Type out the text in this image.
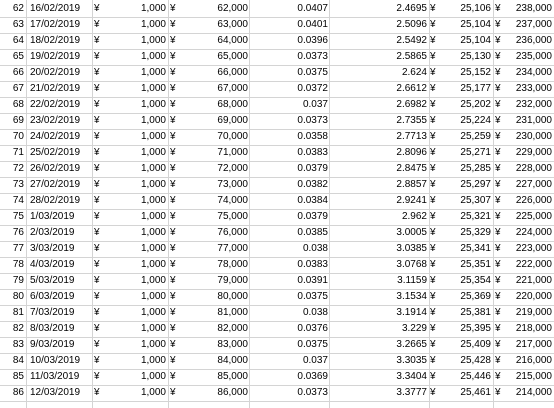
62 16/02/2019	¥	1,000 ¥	62,000	0.0407	2.4695 ¥	25,106 ¥	238,000
63 17/02/2019	¥	1,000 ¥	63,000	0.0401	2.5096 ¥	25,104 ¥	237,000
64 18/02/2019	¥	1,000 ¥	64,000	0.0396	2.5492 ¥	25,104 ¥	236,000
65 19/02/2019	¥	1,000 ¥	65,000	0.0373	2.5865 ¥	25,130 ¥	235,000
66 20/02/2019	¥	1,000 ¥	66,000	0.0375	2.624 ¥	25,152 ¥	234,000
67 21/02/2019	¥	1,000 ¥	67,000	0.0372	2.6612 ¥	25,177 ¥	233,000
68 22/02/2019	¥	1,000 ¥	68,000	0.037	2.6982 ¥	25,202 ¥	232,000
69 23/02/2019	¥	1,000 ¥	69,000	0.0373	2.7355 ¥	25,224 ¥	231,000
70 24/02/2019	¥	1,000 ¥	70,000	0.0358	2.7713 ¥	25,259 ¥	230,000
71 25/02/2019	¥	1,000 ¥	71,000	0.0383	2.8096 ¥	25,271 ¥	229,000
72 26/02/2019	¥	1,000 ¥	72,000	0.0379	2.8475 ¥	25,285 ¥	228,000
73 27/02/2019	¥	1,000 ¥	73,000	0.0382	2.8857 ¥	25,297 ¥	227,000
74 28/02/2019	¥	1,000 ¥	74,000	0.0384	2.9241 ¥	25,307 ¥	226,000
75 1/03/2019	¥	1,000 ¥	75,000	0.0379	2.962 ¥	25,321 ¥	225,000
76 2/03/2019	¥	1,000 ¥	76,000	0.0385	3.0005 ¥	25,329 ¥	224,000
77 3/03/2019	¥	1,000 ¥	77,000	0.038	3.0385 ¥	25,341 ¥	223,000
78 4/03/2019	¥	1,000 ¥	78,000	0.0383	3.0768 ¥	25,351 ¥	222,000
79 5/03/2019	¥	1,000 ¥	79,000	0.0391	3.1159 ¥	25,354 ¥	221,000
80 6/03/2019	¥	1,000 ¥	80,000	0.0375	3.1534 ¥	25,369 ¥	220,000
81 7/03/2019	¥	1,000 ¥	81,000	0.038	3.1914 ¥	25,381 ¥	219,000
82 8/03/2019	¥	1,000 ¥	82,000	0.0376	3.229 ¥	25,395 ¥	218,000
83 9/03/2019	¥	1,000 ¥	83,000	0.0375	3.2665 ¥	25,409 ¥	217,000
84 10/03/2019	¥	1,000 ¥	84,000	0.037	3.3035 ¥	25,428 ¥	216,000
85 11/03/2019	¥	1,000 ¥	85,000	0.0369	3.3404 ¥	25,446 ¥	215,000
86 12/03/2019	¥	1,000 ¥	86,000	0.0373	3.3777 ¥	25,461 ¥	214,000
